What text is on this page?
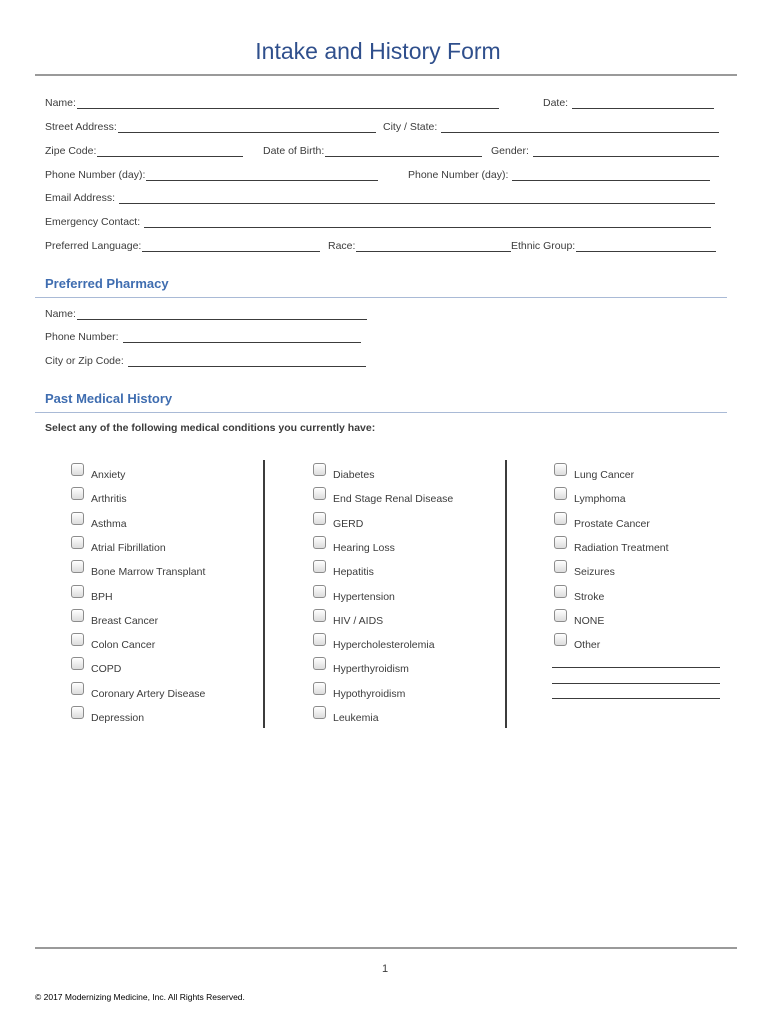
Intake and History Form
Name:	Date:
Street Address:	City / State:
Zipe Code:	Date of Birth:	Gender:
Phone Number (day):	Phone Number (day):
Email Address:
Emergency Contact:
Preferred Language:	Race:	Ethnic Group:
Preferred Pharmacy
Name:
Phone Number:
City or Zip Code:
Past Medical History
Select any of the following medical conditions you currently have:
Anxiety
Arthritis
Asthma
Atrial Fibrillation
Bone Marrow Transplant
BPH
Breast Cancer
Colon Cancer
COPD
Coronary Artery Disease
Depression
Diabetes
End Stage Renal Disease
GERD
Hearing Loss
Hepatitis
Hypertension
HIV / AIDS
Hypercholesterolemia
Hyperthyroidism
Hypothyroidism
Leukemia
Lung Cancer
Lymphoma
Prostate Cancer
Radiation Treatment
Seizures
Stroke
NONE
Other
1
© 2017 Modernizing Medicine, Inc. All Rights Reserved.
